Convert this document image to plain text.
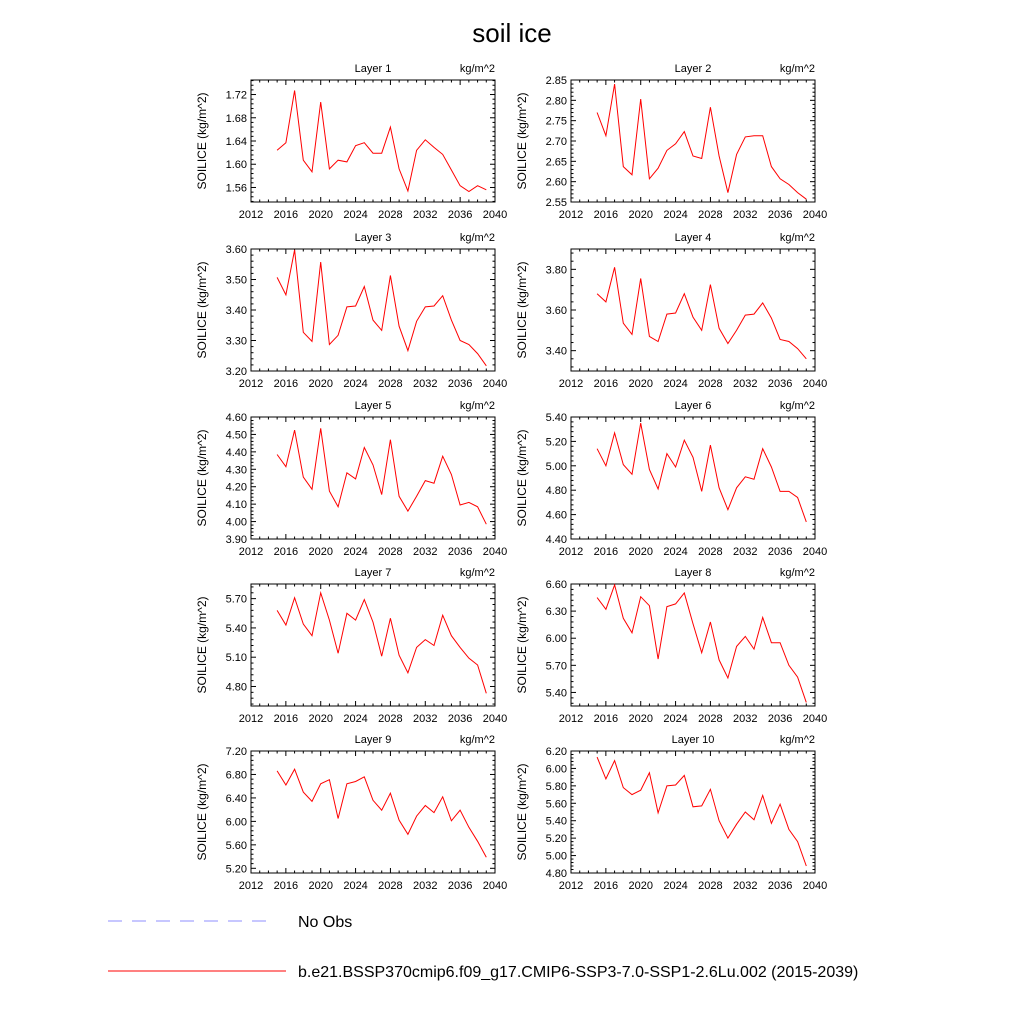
soil ice
2012 2016 2020 2024 2028 2032 2036 2040
1.56
1.60
1.64
1.68
1.72
SOILICE (kg/m^2)
Layer 1	kg/m^2
2012 2016 2020 2024 2028 2032 2036 2040
2.55
2.60
2.65
2.70
2.75
2.80
2.85
SOILICE (kg/m^2)
Layer 2	kg/m^2
2012 2016 2020 2024 2028 2032 2036 2040
3.20
3.30
3.40
3.50
3.60
SOILICE (kg/m^2)
Layer 3	kg/m^2
2012 2016 2020 2024 2028 2032 2036 2040
3.40
3.60
3.80
SOILICE (kg/m^2)
Layer 4	kg/m^2
2012 2016 2020 2024 2028 2032 2036 2040
3.90
4.00
4.10
4.20
4.30
4.40
4.50
4.60
SOILICE (kg/m^2)
Layer 5	kg/m^2
2012 2016 2020 2024 2028 2032 2036 2040
4.40
4.60
4.80
5.00
5.20
5.40
SOILICE (kg/m^2)
Layer 6	kg/m^2
2012 2016 2020 2024 2028 2032 2036 2040
4.80
5.10
5.40
5.70
SOILICE (kg/m^2)
Layer 7	kg/m^2
2012 2016 2020 2024 2028 2032 2036 2040
5.40
5.70
6.00
6.30
6.60
SOILICE (kg/m^2)
Layer 8	kg/m^2
2012 2016 2020 2024 2028 2032 2036 2040
5.20
5.60
6.00
6.40
6.80
7.20
SOILICE (kg/m^2)
Layer 9	kg/m^2
2012 2016 2020 2024 2028 2032 2036 2040
4.80
5.00
5.20
5.40
5.60
5.80
6.00
6.20
SOILICE (kg/m^2)
Layer 10	kg/m^2
No Obs
b.e21.BSSP370cmip6.f09_g17.CMIP6-SSP3-7.0-SSP1-2.6Lu.002 (2015-2039)
